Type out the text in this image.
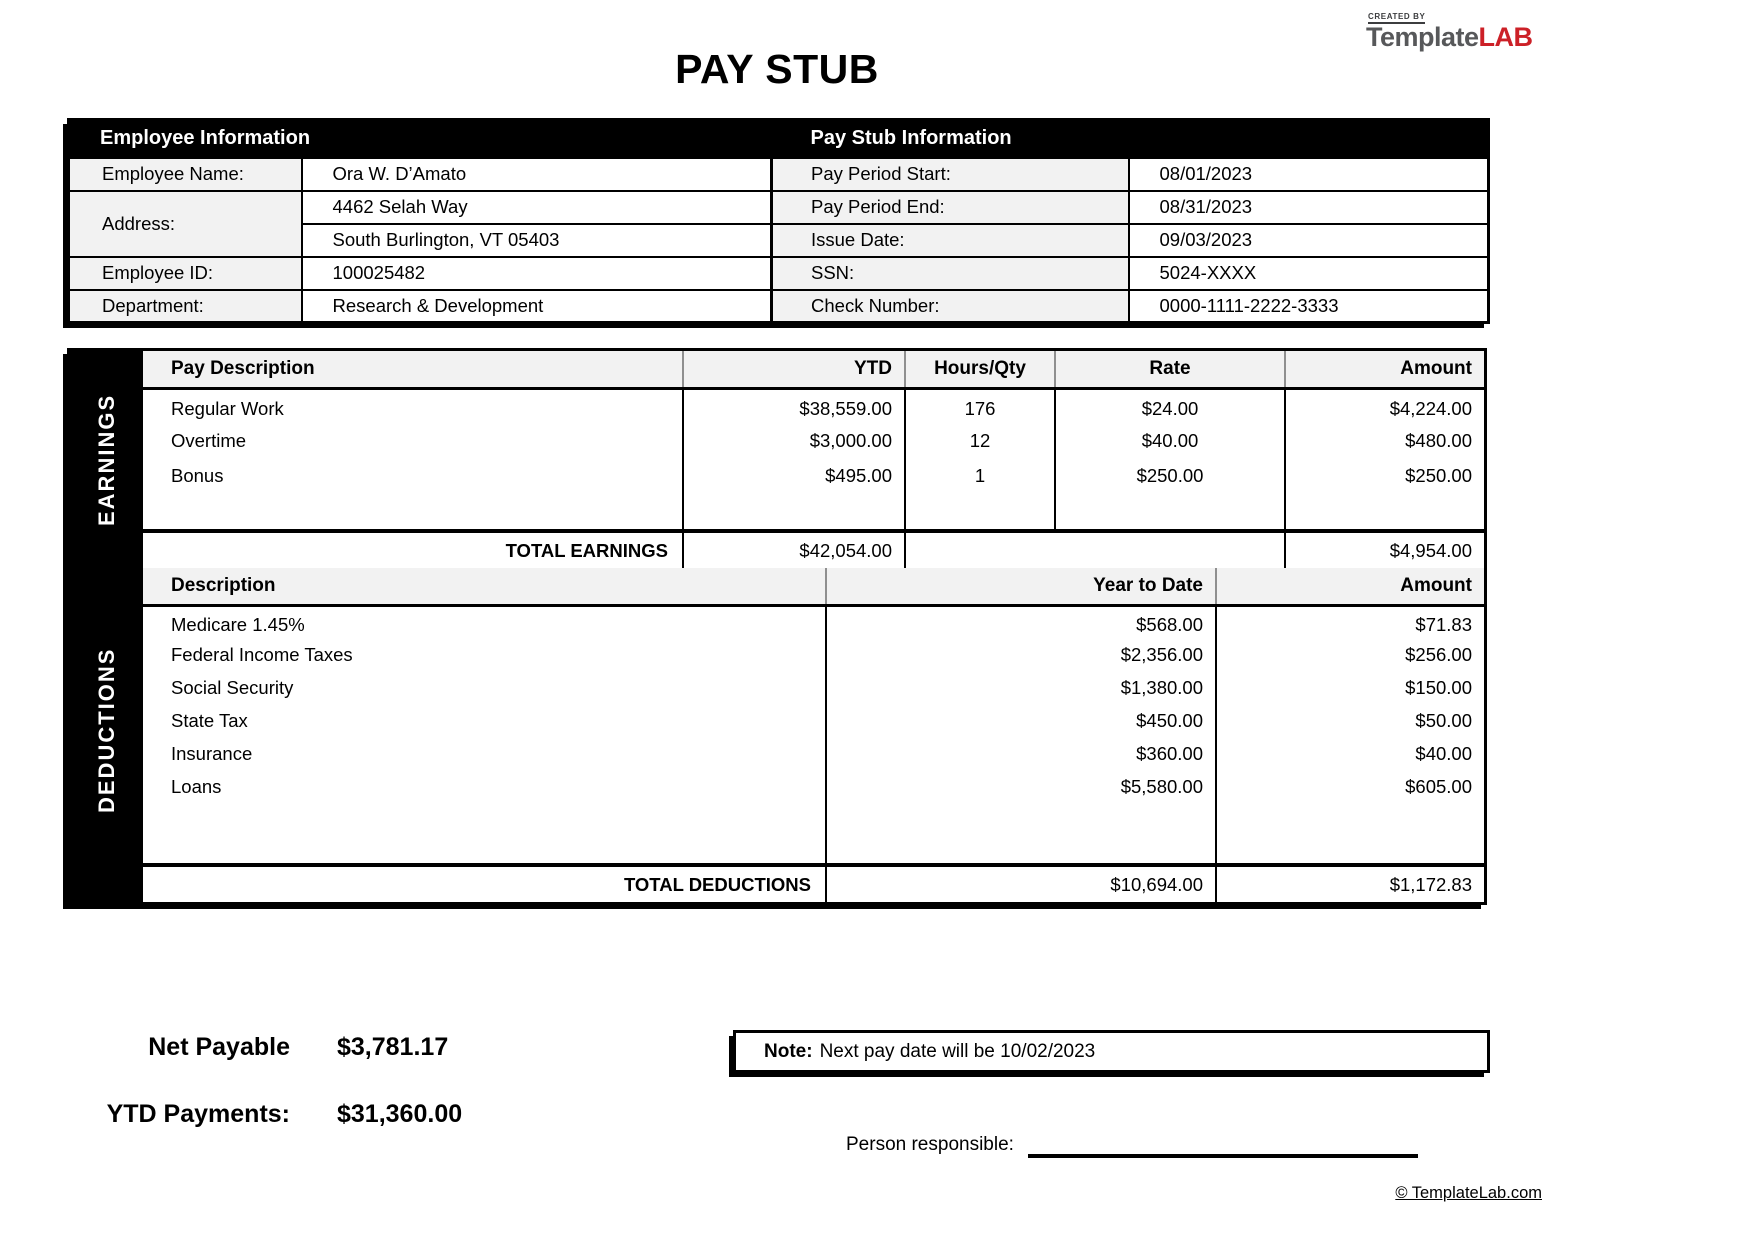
CREATED BY
TemplateLAB
PAY STUB
Employee Information		Pay Stub Information	
Employee Name:	Ora W. D’Amato	Pay Period Start:	08/01/2023
Address:	4462 Selah Way	Pay Period End:	08/31/2023
	South Burlington, VT 05403	Issue Date:	09/03/2023
Employee ID:	100025482	SSN:	5024-XXXX
Department:	Research & Development	Check Number:	0000-1111-2222-3333
EARNINGS
DEDUCTIONS
Pay Description	YTD	Hours/Qty	Rate	Amount
Regular Work	$38,559.00	176	$24.00	$4,224.00
Overtime	$3,000.00	12	$40.00	$480.00
Bonus	$495.00	1	$250.00	$250.00

TOTAL EARNINGS	$42,054.00			$4,954.00
Description	Year to Date	Amount
Medicare 1.45%	$568.00	$71.83
Federal Income Taxes	$2,356.00	$256.00
Social Security	$1,380.00	$150.00
State Tax	$450.00	$50.00
Insurance	$360.00	$40.00
Loans	$5,580.00	$605.00

TOTAL DEDUCTIONS	$10,694.00	$1,172.83
Net Payable $3,781.17	Note: Next pay date will be 10/02/2023
YTD Payments: $31,360.00
Person responsible:
© TemplateLab.com
